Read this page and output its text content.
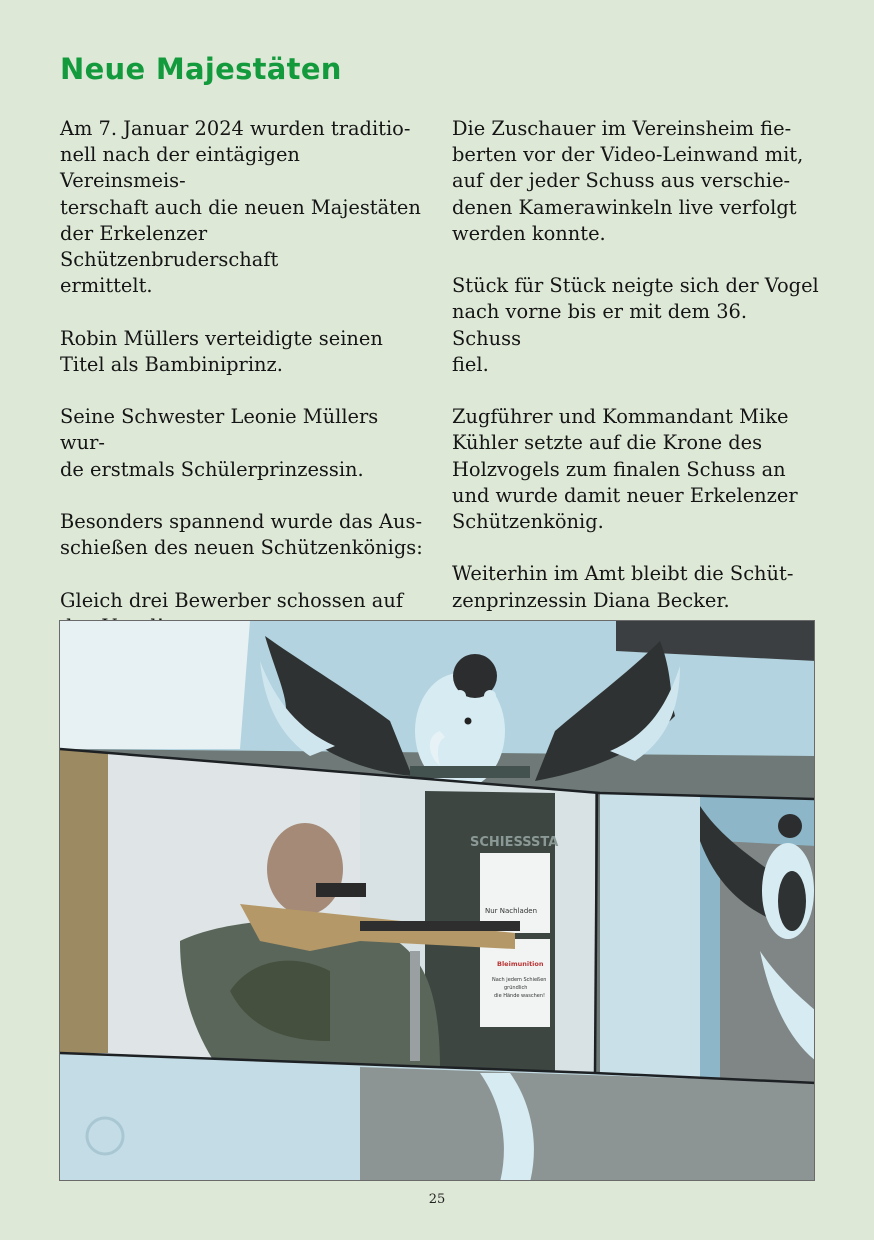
Neue Majestäten

Am 7. Januar 2024 wurden traditio-
nell nach der eintägigen Vereinsmeis-
terschaft auch die neuen Majestäten
der Erkelenzer Schützenbruderschaft
ermittelt.

Robin Müllers verteidigte seinen
Titel als Bambiniprinz.

Seine Schwester Leonie Müllers wur-
de erstmals Schülerprinzessin.

Besonders spannend wurde das Aus-
schießen des neuen Schützenkönigs:

Gleich drei Bewerber schossen auf

Die Zuschauer im Vereinsheim fie-
berten vor der Video-Leinwand mit,
auf der jeder Schuss aus verschie-
denen Kamerawinkeln live verfolgt
werden konnte.

Stück für Stück neigte sich der Vogel
nach vorne bis er mit dem 36. Schuss
fiel.

Zugführer und Kommandant Mike
Kühler setzte auf die Krone des
Holzvogels zum finalen Schuss an
und wurde damit neuer Erkelenzer
Schützenkönig.

Weiterhin im Amt bleibt die Schüt-
zenprinzessin Diana Becker.

SCHIESSSTA
Nur Nachladen
Bleimunition
Nach jedem Schießen
gründlich
die Hände waschen!
25
